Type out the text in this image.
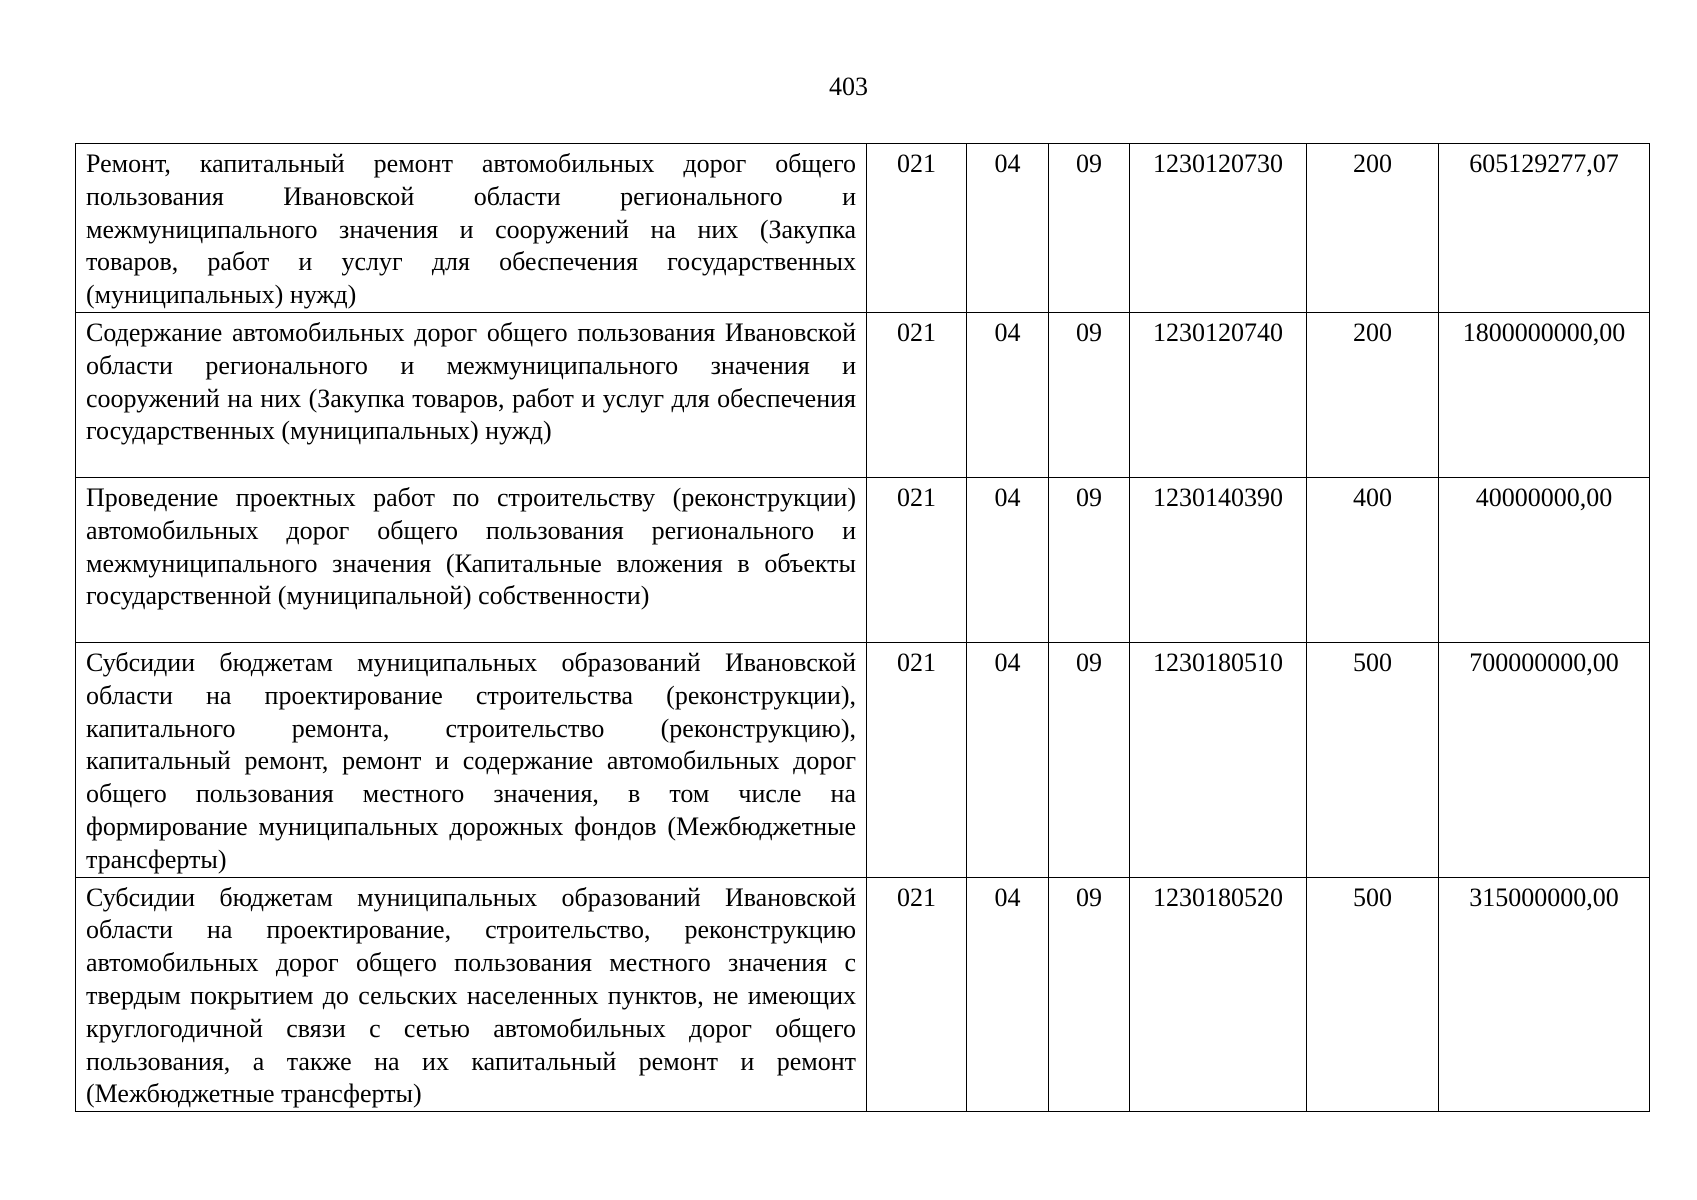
403
Ремонт, капитальный ремонт автомобильных дорог общего пользования Ивановской области регионального и межмуниципального значения и сооружений на них (Закупка товаров, работ и услуг для обеспечения государственных (муниципальных) нужд)	021	04	09	1230120730	200	605129277,07
Содержание автомобильных дорог общего пользования Ивановской области регионального и межмуниципального значения и сооружений на них (Закупка товаров, работ и услуг для обеспечения государственных (муниципальных) нужд)	021	04	09	1230120740	200	1800000000,00
Проведение проектных работ по строительству (реконструкции) автомобильных дорог общего пользования регионального и межмуниципального значения (Капитальные вложения в объекты государственной (муниципальной) собственности)	021	04	09	1230140390	400	40000000,00
Субсидии бюджетам муниципальных образований Ивановской области на проектирование строительства (реконструкции), капитального ремонта, строительство (реконструкцию), капитальный ремонт, ремонт и содержание автомобильных дорог общего пользования местного значения, в том числе на формирование муниципальных дорожных фондов (Межбюджетные трансферты)	021	04	09	1230180510	500	700000000,00
Субсидии бюджетам муниципальных образований Ивановской области на проектирование, строительство, реконструкцию автомобильных дорог общего пользования местного значения с твердым покрытием до сельских населенных пунктов, не имеющих круглогодичной связи с сетью автомобильных дорог общего пользования, а также на их капитальный ремонт и ремонт (Межбюджетные трансферты)	021	04	09	1230180520	500	315000000,00
